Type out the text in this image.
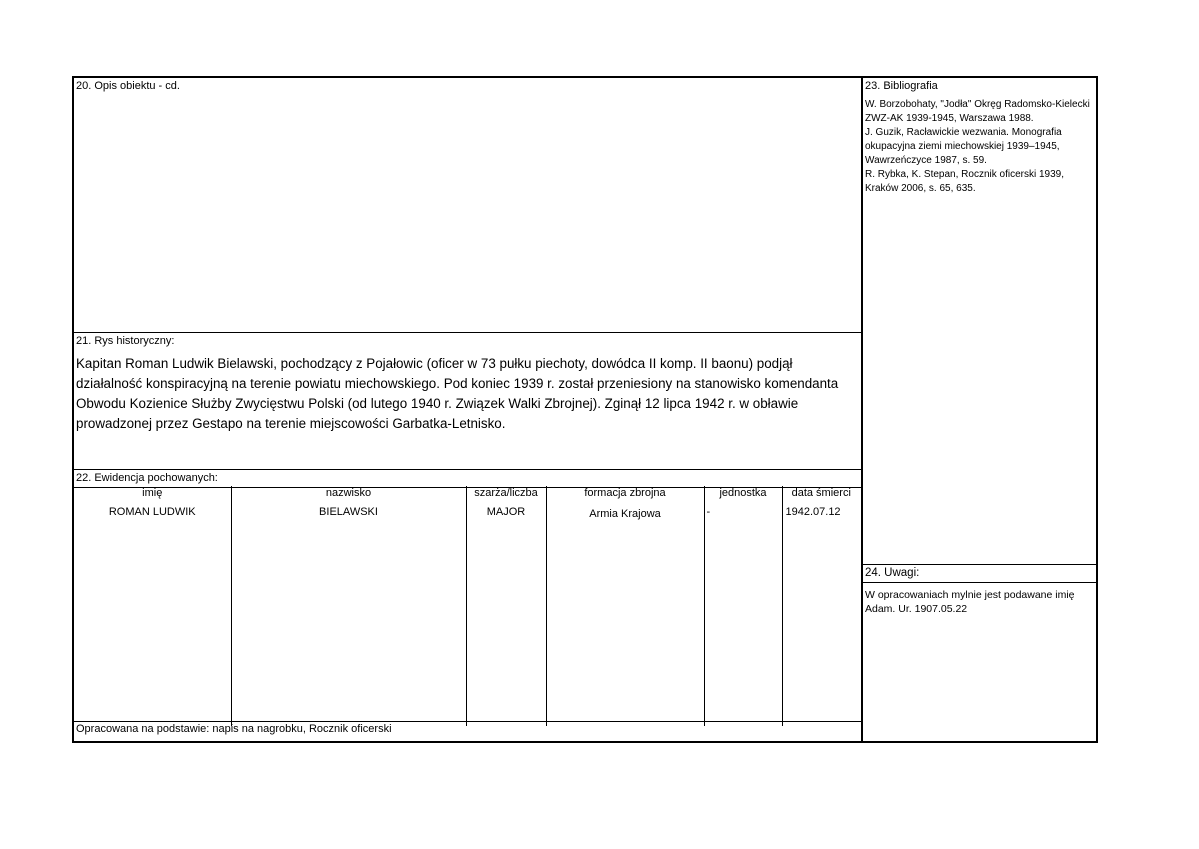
20. Opis obiektu - cd.
21. Rys historyczny:
Kapitan Roman Ludwik Bielawski, pochodzący z Pojałowic (oficer w 73 pułku piechoty, dowódca II komp. II baonu) podjął działalność konspiracyjną na terenie powiatu miechowskiego. Pod koniec 1939 r. został przeniesiony na stanowisko komendanta Obwodu Kozienice Służby Zwycięstwu Polski (od lutego 1940 r. Związek Walki Zbrojnej). Zginął 12 lipca 1942 r. w obławie prowadzonej przez Gestapo na terenie miejscowości Garbatka-Letnisko.
22. Ewidencja pochowanych:
imię	nazwisko	szarża/liczba	formacja zbrojna	jednostka	data śmierci
ROMAN LUDWIK	BIELAWSKI	MAJOR	Armia Krajowa	-	1942.07.12
Opracowana na podstawie: napis na nagrobku, Rocznik oficerski
23. Bibliografia
W. Borzobohaty, "Jodła" Okręg Radomsko-Kielecki ZWZ-AK 1939-1945, Warszawa 1988.
J. Guzik, Racławickie wezwania. Monografia okupacyjna ziemi miechowskiej 1939–1945, Wawrzeńczyce 1987, s. 59.
R. Rybka, K. Stepan, Rocznik oficerski 1939, Kraków 2006, s. 65, 635.
24. Uwagi:
W opracowaniach mylnie jest podawane imię Adam. Ur. 1907.05.22
